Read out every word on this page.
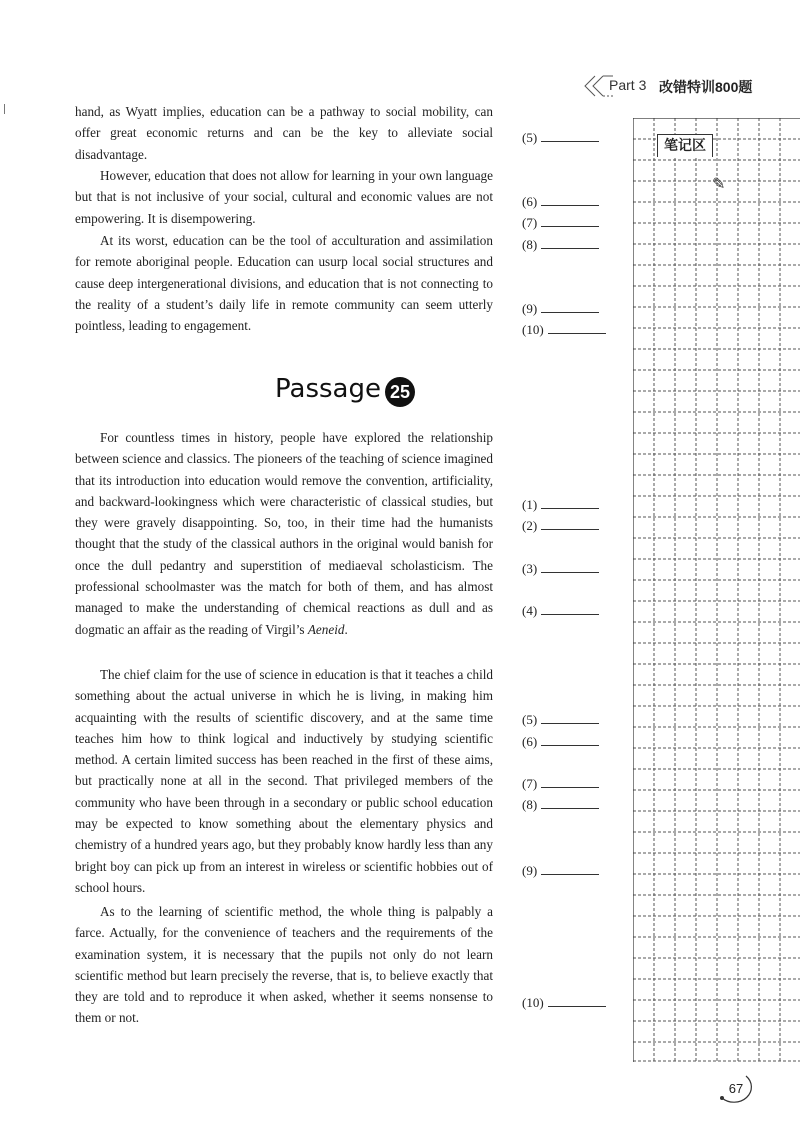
Part 3 改错特训800题
笔记区
✎

hand, as Wyatt implies, education can be a pathway to social mobility, can offer great economic returns and can be the key to alleviate social disadvantage.

However, education that does not allow for learning in your own language but that is not inclusive of your social, cultural and economic values are not empowering. It is disempowering.

At its worst, education can be the tool of acculturation and assimilation for remote aboriginal people. Education can usurp local social structures and cause deep intergenerational divisions, and education that is not connecting to the reality of a student’s daily life in remote community can seem utterly pointless, leading to engagement.

(5)
(6)
(7)
(8)
(9)
(10)
Passage 25

For countless times in history, people have explored the relationship between science and classics. The pioneers of the teaching of science imagined that its introduction into education would remove the convention, artificiality, and backward-lookingness which were characteristic of classical studies, but they were gravely disappointing. So, too, in their time had the humanists thought that the study of the classical authors in the original would banish for once the dull pedantry and superstition of mediaeval scholasticism. The professional schoolmaster was the match for both of them, and has almost managed to make the understanding of chemical reactions as dull and as dogmatic an affair as the reading of Virgil’s Aeneid.

The chief claim for the use of science in education is that it teaches a child something about the actual universe in which he is living, in making him acquainting with the results of scientific discovery, and at the same time teaches him how to think logical and inductively by studying scientific method. A certain limited success has been reached in the first of these aims, but practically none at all in the second. That privileged members of the community who have been through in a secondary or public school education may be expected to know something about the elementary physics and chemistry of a hundred years ago, but they probably know hardly less than any bright boy can pick up from an interest in wireless or scientific hobbies out of school hours.

As to the learning of scientific method, the whole thing is palpably a farce. Actually, for the convenience of teachers and the requirements of the examination system, it is necessary that the pupils not only do not learn scientific method but learn precisely the reverse, that is, to believe exactly that they are told and to reproduce it when asked, whether it seems nonsense to them or not.

(1)
(2)
(3)
(4)
(5)
(6)
(7)
(8)
(9)
(10)
67
